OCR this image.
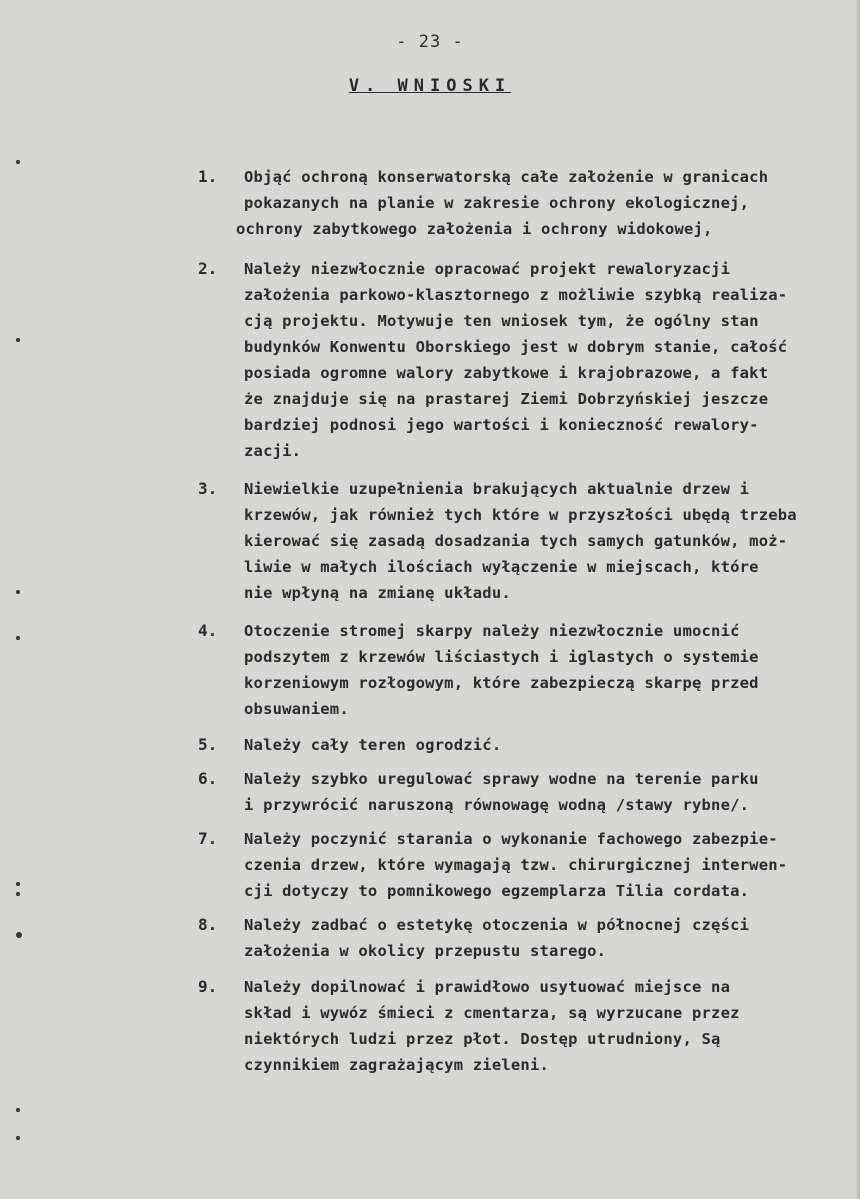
- 23 -
V. WNIOSKI
1.	Objąć ochroną konserwatorską całe założenie w granicach
pokazanych na planie w zakresie ochrony ekologicznej,
ochrony zabytkowego założenia i ochrony widokowej,
2.	Należy niezwłocznie opracować projekt rewaloryzacji
założenia parkowo-klasztornego z możliwie szybką realiza-
cją projektu. Motywuje ten wniosek tym, że ogólny stan
budynków Konwentu Oborskiego jest w dobrym stanie, całość
posiada ogromne walory zabytkowe i krajobrazowe, a fakt
że znajduje się na prastarej Ziemi Dobrzyńskiej jeszcze
bardziej podnosi jego wartości i konieczność rewalory-
zacji.
3.	Niewielkie uzupełnienia brakujących aktualnie drzew i
krzewów, jak również tych które w przyszłości ubędą trzeba
kierować się zasadą dosadzania tych samych gatunków, moż-
liwie w małych ilościach wyłączenie w miejscach, które
nie wpłyną na zmianę układu.
4.	Otoczenie stromej skarpy należy niezwłocznie umocnić
podszytem z krzewów liściastych i iglastych o systemie
korzeniowym rozłogowym, które zabezpieczą skarpę przed
obsuwaniem.
5.	Należy cały teren ogrodzić.
6.	Należy szybko uregulować sprawy wodne na terenie parku
i przywrócić naruszoną równowagę wodną /stawy rybne/.
7.	Należy poczynić starania o wykonanie fachowego zabezpie-
czenia drzew, które wymagają tzw. chirurgicznej interwen-
cji dotyczy to pomnikowego egzemplarza Tilia cordata.
8.	Należy zadbać o estetykę otoczenia w północnej części
założenia w okolicy przepustu starego.
9.	Należy dopilnować i prawidłowo usytuować miejsce na
skład i wywóz śmieci z cmentarza, są wyrzucane przez
niektórych ludzi przez płot. Dostęp utrudniony, Są
czynnikiem zagrażającym zieleni.
